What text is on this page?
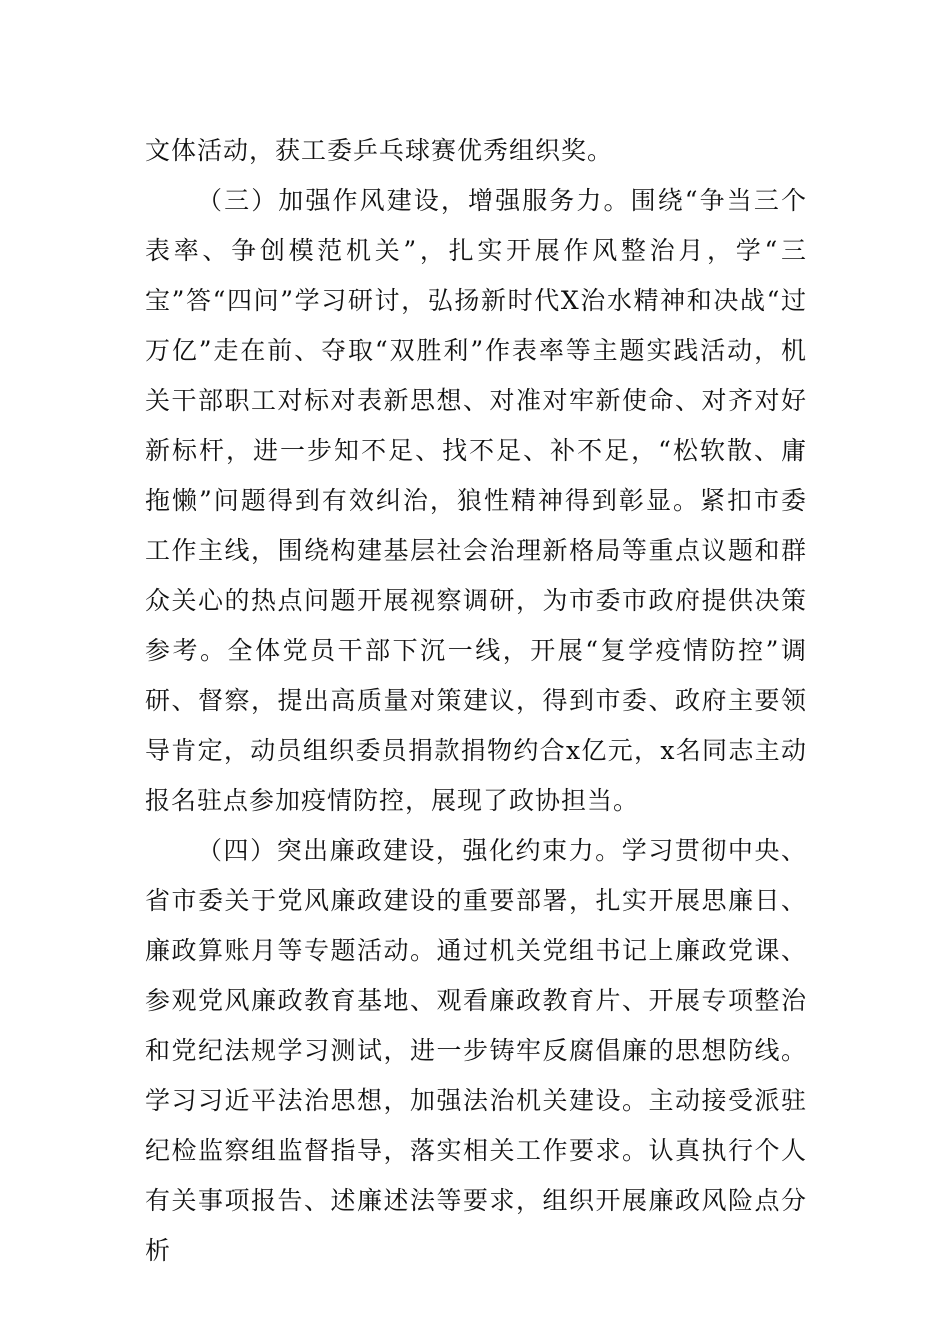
文体活动，获工委乒乓球赛优秀组织奖。

（三）加强作风建设，增强服务力。围绕“争当三个表率、争创模范机关”，扎实开展作风整治月，学“三宝”答“四问”学习研讨，弘扬新时代X治水精神和决战“过万亿”走在前、夺取“双胜利”作表率等主题实践活动，机关干部职工对标对表新思想、对准对牢新使命、对齐对好新标杆，进一步知不足、找不足、补不足，“松软散、庸拖懒”问题得到有效纠治，狼性精神得到彰显。紧扣市委工作主线，围绕构建基层社会治理新格局等重点议题和群众关心的热点问题开展视察调研，为市委市政府提供决策参考。全体党员干部下沉一线，开展“复学疫情防控”调研、督察，提出高质量对策建议，得到市委、政府主要领导肯定，动员组织委员捐款捐物约合x亿元，x名同志主动报名驻点参加疫情防控，展现了政协担当。

（四）突出廉政建设，强化约束力。学习贯彻中央、省市委关于党风廉政建设的重要部署，扎实开展思廉日、廉政算账月等专题活动。通过机关党组书记上廉政党课、参观党风廉政教育基地、观看廉政教育片、开展专项整治和党纪法规学习测试，进一步铸牢反腐倡廉的思想防线。学习习近平法治思想，加强法治机关建设。主动接受派驻纪检监察组监督指导，落实相关工作要求。认真执行个人有关事项报告、述廉述法等要求，组织开展廉政风险点分析
